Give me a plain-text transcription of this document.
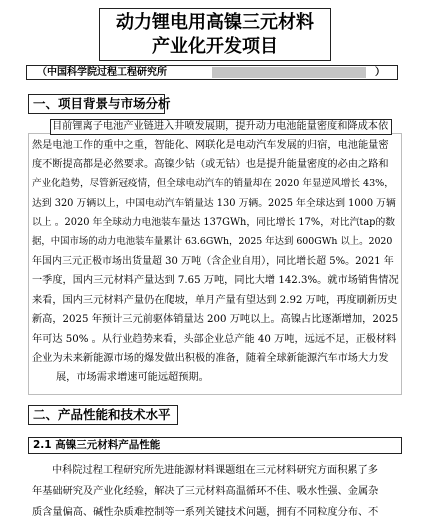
动力锂电用高镍三元材料
产业化开发项目
（ 中国科学院过程工程研究所	）
一、项目背景与市场分析
目前锂离子电池产业链进入井喷发展期，提升动力电池能量密度和降成本依
然是电池工作的重中之重，智能化、网联化是电动汽车发展的归宿，电池能量密
度不断提高都是必然要求。高镍少钴（或无钴）也是提升能量密度的必由之路和
产业化趋势，尽管新冠疫情，但全球电动汽车的销量却在 2020 年显逆风增长 43%，
达到 320 万辆以上，中国电动汽车销量达 130 万辆。2025 年全球达到 1000 万辆
以上 。2020 年全球动力电池装车量达 137GWh，同比增长 17%，对比汽tap的数
据，中国市场的动力电池装车量累计 63.6GWh，2025 年达到 600GWh 以上。2020
年国内三元正极市场出货量超 30 万吨（含企业自用），同比增长超 5%。2021 年
一季度，国内三元材料产量达到 7.65 万吨，同比大增 142.3%。就市场销售情况
来看，国内三元材料产量仍在爬坡，单月产量有望达到 2.92 万吨，再度刷新历史
新高，2025 年预计三元前驱体销量达 200 万吨以上。高镍占比逐渐增加，2025
年可达 50% 。从行业趋势来看，头部企业总产能 40 万吨，远远不足，正极材料
企业为未来新能源市场的爆发做出积极的准备，随着全球新能源汽车市场大力发
展，市场需求增速可能远超预期。
二、产品性能和技术水平
2.1 高镍三元材料产品性能
中科院过程工程研究所先进能源材料课题组在三元材料研究方面积累了多
年基础研究及产业化经验，解决了三元材料高温循环不佳、吸水性强、金属杂
质含量偏高、碱性杂质难控制等一系列关键技术问题，拥有不同粒度分布、不
